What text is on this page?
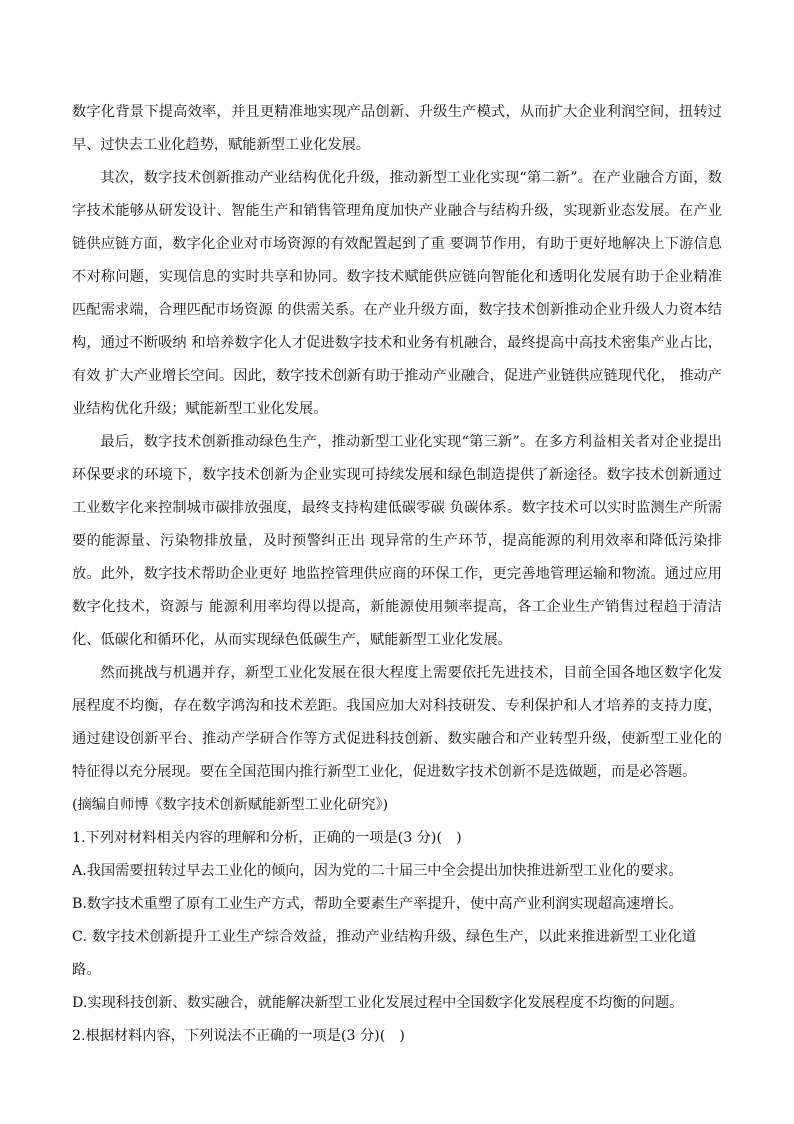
数字化背景下提高效率，并且更精准地实现产品创新、升级生产模式，从而扩大企业利润空间，扭转过早、过快去工业化趋势，赋能新型工业化发展。

其次，数字技术创新推动产业结构优化升级，推动新型工业化实现“第二新”。在产业融合方面，数字技术能够从研发设计、智能生产和销售管理角度加快产业融合与结构升级，实现新业态发展。在产业链供应链方面，数字化企业对市场资源的有效配置起到了重 要调节作用，有助于更好地解决上下游信息不对称问题，实现信息的实时共享和协同。数字技术赋能供应链向智能化和透明化发展有助于企业精准匹配需求端，合理匹配市场资源 的供需关系。在产业升级方面，数字技术创新推动企业升级人力资本结构，通过不断吸纳 和培养数字化人才促进数字技术和业务有机融合，最终提高中高技术密集产业占比，有效 扩大产业增长空间。因此，数字技术创新有助于推动产业融合，促进产业链供应链现代化， 推动产业结构优化升级；赋能新型工业化发展。

最后，数字技术创新推动绿色生产，推动新型工业化实现“第三新”。在多方利益相关者对企业提出环保要求的环境下，数字技术创新为企业实现可持续发展和绿色制造提供了新途径。数字技术创新通过工业数字化来控制城市碳排放强度，最终支持构建低碳零碳 负碳体系。数字技术可以实时监测生产所需要的能源量、污染物排放量，及时预警纠正出 现异常的生产环节，提高能源的利用效率和降低污染排放。此外，数字技术帮助企业更好 地监控管理供应商的环保工作，更完善地管理运输和物流。通过应用数字化技术，资源与 能源利用率均得以提高，新能源使用频率提高，各工企业生产销售过程趋于清洁化、低碳化和循环化，从而实现绿色低碳生产，赋能新型工业化发展。

然而挑战与机遇并存，新型工业化发展在很大程度上需要依托先进技术，目前全国各地区数字化发展程度不均衡，存在数字鸿沟和技术差距。我国应加大对科技研发、专利保护和人才培养的支持力度，通过建设创新平台、推动产学研合作等方式促进科技创新、数实融合和产业转型升级，使新型工业化的特征得以充分展现。要在全国范围内推行新型工业化，促进数字技术创新不是选做题，而是必答题。

(摘编自师博《数字技术创新赋能新型工业化研究》)

1.下列对材料相关内容的理解和分析，正确的一项是(3 分)(　)

A.我国需要扭转过早去工业化的倾向，因为党的二十届三中全会提出加快推进新型工业化的要求。

B.数字技术重塑了原有工业生产方式，帮助全要素生产率提升，使中高产业利润实现超高速增长。

C. 数字技术创新提升工业生产综合效益，推动产业结构升级、绿色生产，以此来推进新型工业化道路。

D.实现科技创新、数实融合，就能解决新型工业化发展过程中全国数字化发展程度不均衡的问题。

2.根据材料内容，下列说法不正确的一项是(3 分)(　)
